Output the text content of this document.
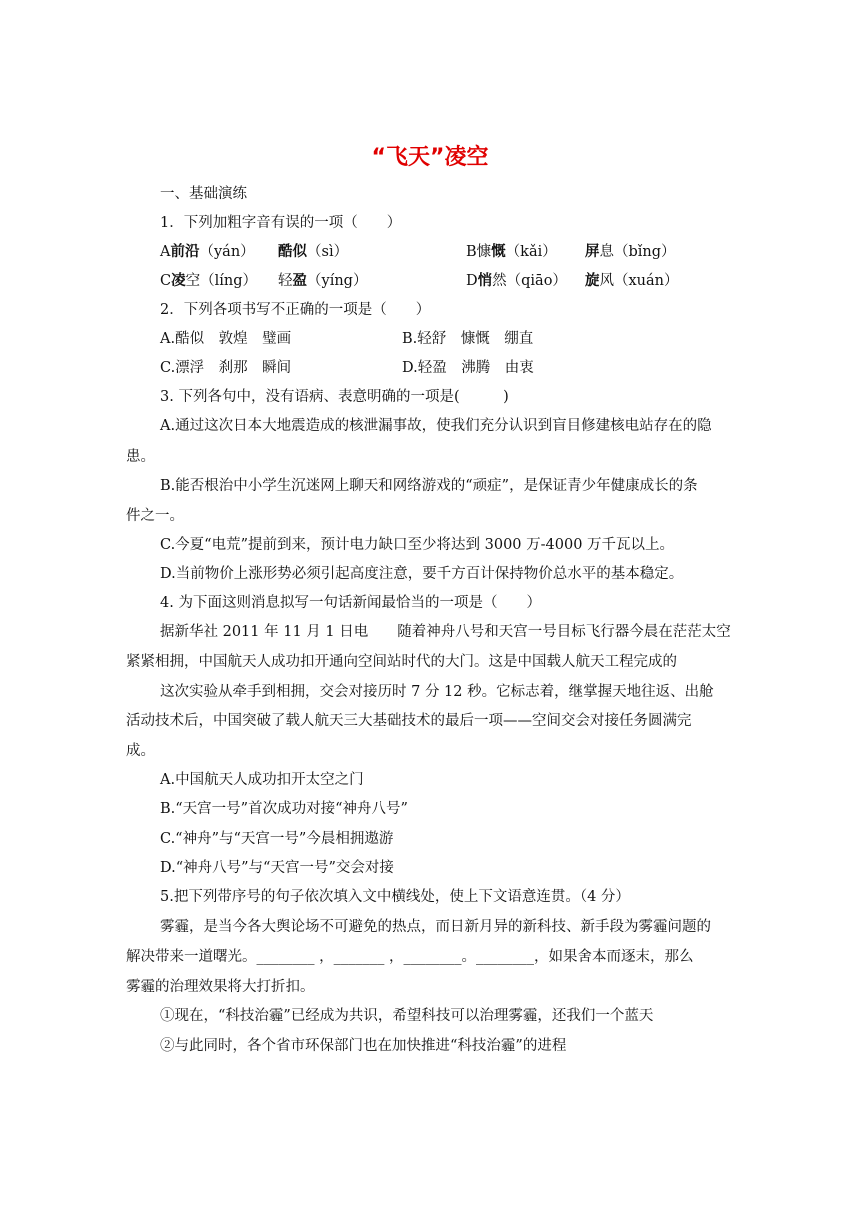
“飞天”凌空
一、基础演练
1．下列加粗字音有误的一项（　　）
A前沿（yán） 酷似（sì）	B慷慨（kǎi） 屏息（bǐng）
C凌空（líng） 轻盈（yíng）	D悄然（qiāo） 旋风（xuán）
2．下列各项书写不正确的一项是（　　）
A.酷似　敦煌　璧画	B.轻舒　慷慨　绷直
C.漂浮　刹那　瞬间	D.轻盈　沸腾　由衷
3. 下列各句中，没有语病、表意明确的一项是(　　　)
A.通过这次日本大地震造成的核泄漏事故，使我们充分认识到盲目修建核电站存在的隐
患。
B.能否根治中小学生沉迷网上聊天和网络游戏的“顽症”，是保证青少年健康成长的条
件之一。
C.今夏“电荒”提前到来，预计电力缺口至少将达到 3000 万-4000 万千瓦以上。
D.当前物价上涨形势必须引起高度注意，要千方百计保持物价总水平的基本稳定。
4. 为下面这则消息拟写一句话新闻最恰当的一项是（　　）
据新华社 2011 年 11 月 1 日电　　随着神舟八号和天宫一号目标飞行器今晨在茫茫太空
紧紧相拥，中国航天人成功扣开通向空间站时代的大门。这是中国载人航天工程完成的
这次实验从牵手到相拥，交会对接历时 7 分 12 秒。它标志着，继掌握天地往返、出舱
活动技术后，中国突破了载人航天三大基础技术的最后一项——空间交会对接任务圆满完
成。
A.中国航天人成功扣开太空之门
B.“天宫一号”首次成功对接“神舟八号”
C.“神舟”与“天宫一号”今晨相拥遨游
D.“神舟八号”与“天宫一号”交会对接
5.把下列带序号的句子依次填入文中横线处，使上下文语意连贯。（4 分）
雾霾，是当今各大舆论场不可避免的热点，而日新月异的新科技、新手段为雾霾问题的
解决带来一道曙光。________ ，_______ ，________。________，如果舍本而逐末，那么
雾霾的治理效果将大打折扣。
①现在，“科技治霾”已经成为共识，希望科技可以治理雾霾，还我们一个蓝天
②与此同时，各个省市环保部门也在加快推进“科技治霾”的进程
